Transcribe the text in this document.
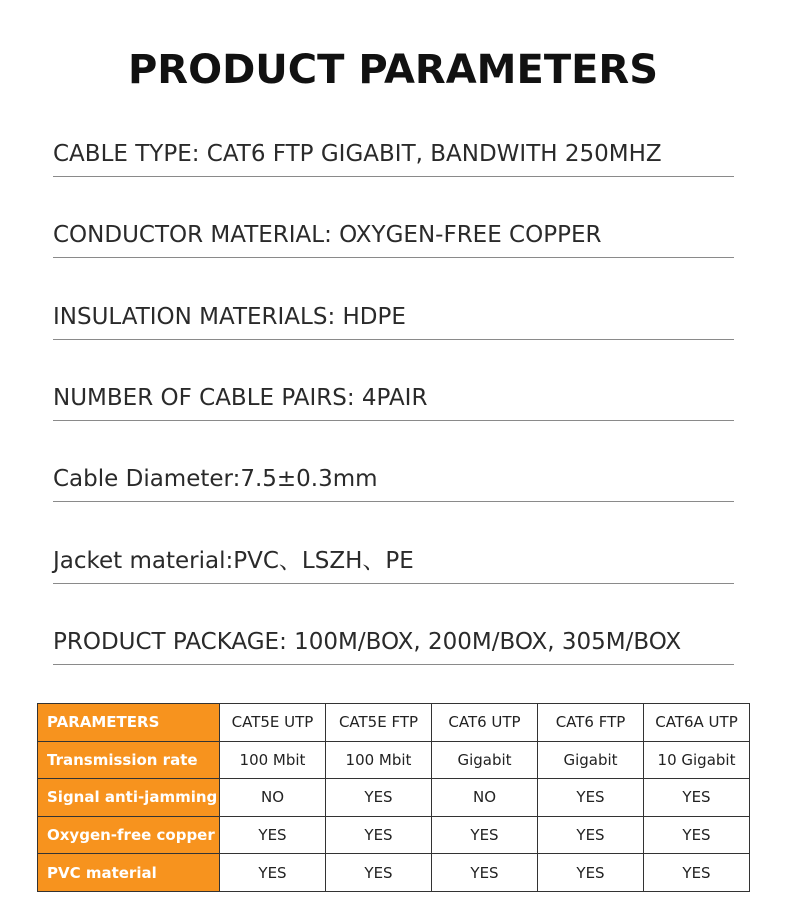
PRODUCT PARAMETERS
CABLE TYPE: CAT6 FTP GIGABIT, BANDWITH 250MHZ
CONDUCTOR MATERIAL: OXYGEN-FREE COPPER
INSULATION MATERIALS: HDPE
NUMBER OF CABLE PAIRS: 4PAIR
Cable Diameter:7.5±0.3mm
Jacket material:PVC、LSZH、PE
PRODUCT PACKAGE: 100M/BOX, 200M/BOX, 305M/BOX
PARAMETERS	CAT5E UTP	CAT5E FTP	CAT6 UTP	CAT6 FTP	CAT6A UTP
Transmission rate	100 Mbit	100 Mbit	Gigabit	Gigabit	10 Gigabit
Signal anti-jamming	NO	YES	NO	YES	YES
Oxygen-free copper	YES	YES	YES	YES	YES
PVC material	YES	YES	YES	YES	YES
